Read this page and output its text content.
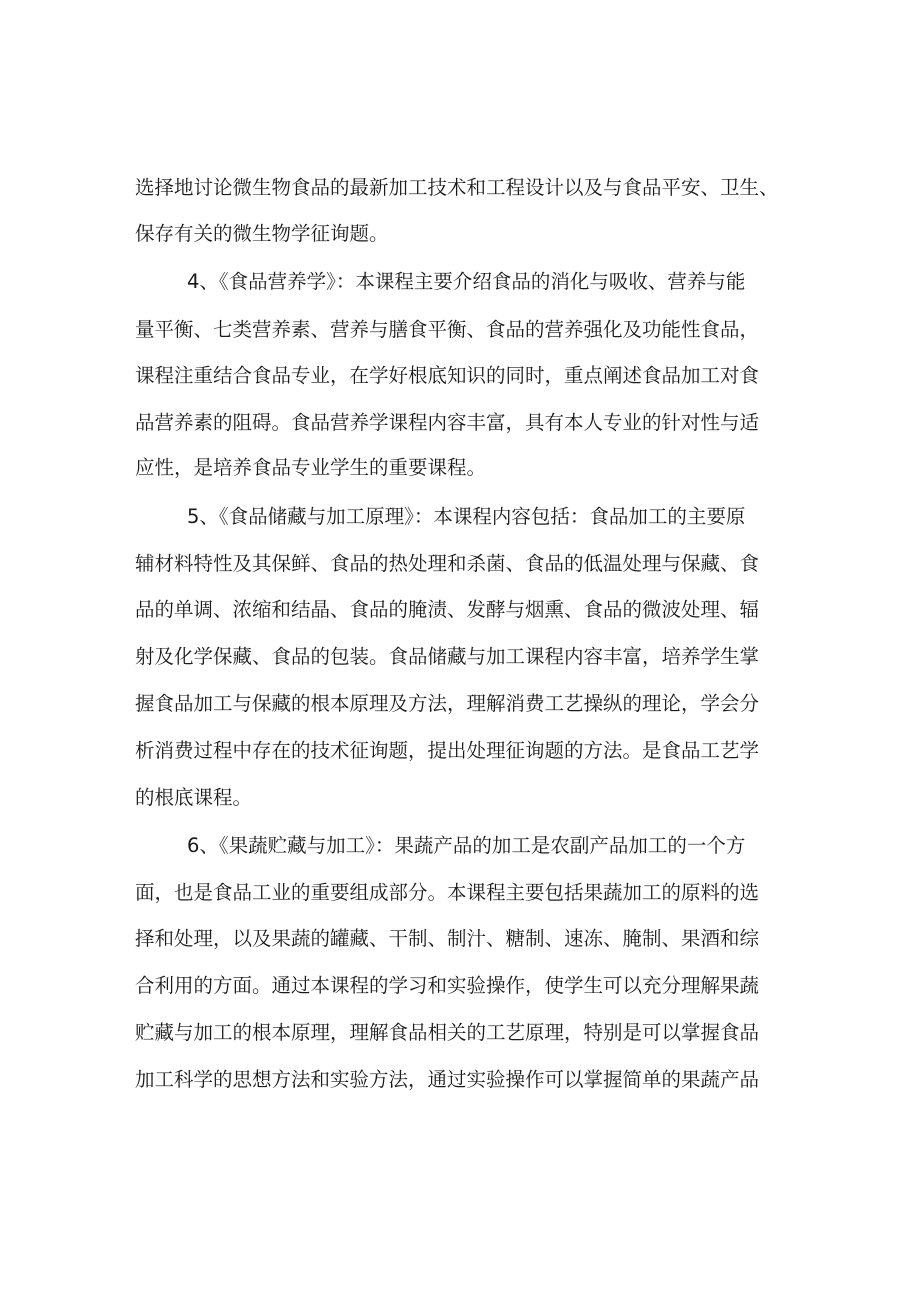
选择地讨论微生物食品的最新加工技术和工程设计以及与食品平安、卫生、
保存有关的微生物学征询题。
4、《食品营养学》：本课程主要介绍食品的消化与吸收、营养与能
量平衡、七类营养素、营养与膳食平衡、食品的营养强化及功能性食品，
课程注重结合食品专业，在学好根底知识的同时，重点阐述食品加工对食
品营养素的阻碍。食品营养学课程内容丰富，具有本人专业的针对性与适
应性，是培养食品专业学生的重要课程。
5、《食品储藏与加工原理》：本课程内容包括：食品加工的主要原
辅材料特性及其保鲜、食品的热处理和杀菌、食品的低温处理与保藏、食
品的单调、浓缩和结晶、食品的腌渍、发酵与烟熏、食品的微波处理、辐
射及化学保藏、食品的包装。食品储藏与加工课程内容丰富，培养学生掌
握食品加工与保藏的根本原理及方法，理解消费工艺操纵的理论，学会分
析消费过程中存在的技术征询题，提出处理征询题的方法。是食品工艺学
的根底课程。
6、《果蔬贮藏与加工》：果蔬产品的加工是农副产品加工的一个方
面，也是食品工业的重要组成部分。本课程主要包括果蔬加工的原料的选
择和处理，以及果蔬的罐藏、干制、制汁、糖制、速冻、腌制、果酒和综
合利用的方面。通过本课程的学习和实验操作，使学生可以充分理解果蔬
贮藏与加工的根本原理，理解食品相关的工艺原理，特别是可以掌握食品
加工科学的思想方法和实验方法，通过实验操作可以掌握简单的果蔬产品
